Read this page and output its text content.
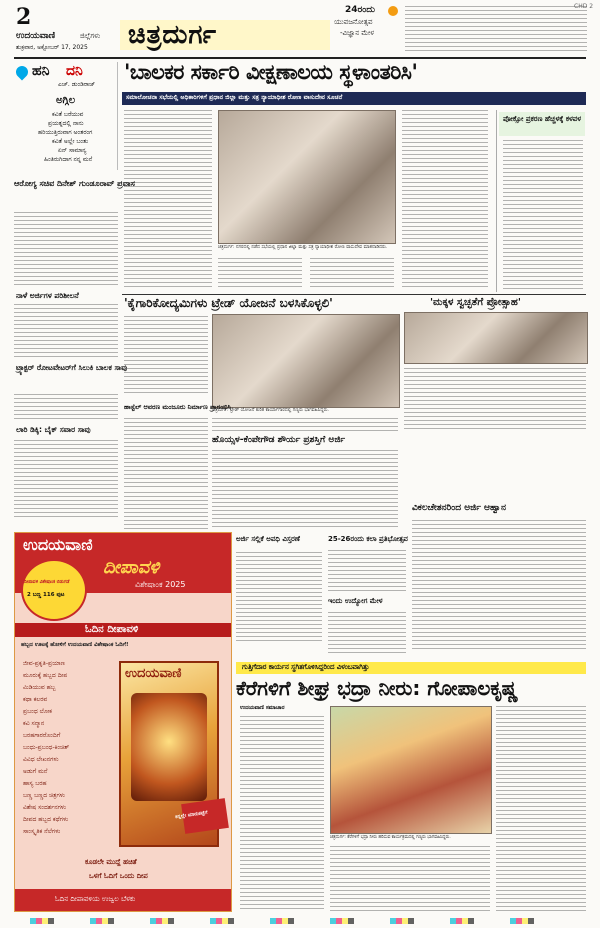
2
ಉದಯವಾಣಿ	ಜಿಲ್ಲೆಗಳು
ಶುಕ್ರವಾರ, ಅಕ್ಟೋಬರ್ 17, 2025 ಚಿತ್ರದುರ್ಗ
CHD 2
24ರಂದು
ಯುವಜನೋತ್ಸವ
-ವಿಜ್ಞಾನ ಮೇಳ
ಹನಿ ದನಿ
ಎಚ್. ಡುಂಡಿರಾಜ್
ಅಗ್ಗಿಲ
ಕವಿತೆ ಬರೆಯುವ
ಪ್ರಯತ್ನದಲ್ಲಿ ನಾನು
ಹರಿಯುತ್ತಿರುವಾಗ ಅಂತರಂಗ
ಕವಿತೆ ಅಲ್ಲೇ ಬಂತು
ಏನ್ ಸಾಮಾನ್ಯ
ಹಿಂತಿರುಗಿದಾಗ ನನ್ನ ಮನೆ
'ಬಾಲಕರ ಸರ್ಕಾರಿ ವೀಕ್ಷಣಾಲಯ ಸ್ಥಳಾಂತರಿಸಿ'
ಸಮಾಲೋಚನಾ ಸಭೆಯಲ್ಲಿ ಅಧಿಕಾರಿಗಳಿಗೆ ಪ್ರಧಾನ ಜಿಲ್ಲಾ ಮತ್ತು ಸತ್ರ ನ್ಯಾಯಾಧೀಶ ರೋಣ ವಾಸುದೇವ ಸೂಚನೆ
ಚಿತ್ರದುರ್ಗ: ನಗರದಲ್ಲಿ ನಡೆದ ಸಭೆಯಲ್ಲಿ ಪ್ರಧಾನ ಜಿಲ್ಲಾ ಮತ್ತು ಸತ್ರ ನ್ಯಾಯಾಧೀಶ ರೋಣ ವಾಸುದೇವ ಮಾತನಾಡಿದರು.
ಪೋಕ್ಸೋ ಪ್ರಕರಣ ಹೆಚ್ಚಳಕ್ಕೆ ಕಳವಳ
ಆರೋಗ್ಯ ಸಚಿವ ದಿನೇಶ್ ಗುಂಡೂರಾವ್ ಪ್ರವಾಸ
ನಾಳೆ ಅರ್ಜಿಗಳ ಪರಿಶೀಲನೆ
ಟ್ರ್ಯಾಕ್ಟರ್ ರೋಟವೇಟರ್‌ಗೆ ಸಿಲುಕಿ ಬಾಲಕ ಸಾವು
ಲಾರಿ ಡಿಕ್ಕಿ: ಬೈಕ್ ಸವಾರ ಸಾವು
'ಕೈಗಾರಿಕೋದ್ಯಮಿಗಳು ಟ್ರೇಡ್ ಯೋಜನೆ ಬಳಸಿಕೊಳ್ಳಲಿ'	'ಮಕ್ಕಳ ಸ್ವಚ್ಛತೆಗೆ ಪ್ರೋತ್ಸಾಹ'
ಚಿತ್ರದುರ್ಗ: ಟ್ರೇಡ್ ಯೋಜನೆ ಕುರಿತ ಕಾರ್ಯಾಗಾರದಲ್ಲಿ ಗಣ್ಯರು ಭಾಗವಹಿಸಿದ್ದರು.
ಹಾಸ್ಟೆಲ್ ಆವರಣ ಮಂಜೂರು ನಿರ್ಮಾಣ ಪ್ರಾರಂಭಿಸಿ
ಹೊಯ್ಸಳ-ಕೆಂಪೇಗೌಡ ಶೌರ್ಯ ಪ್ರಶಸ್ತಿಗೆ ಅರ್ಜಿ
ವಿಕಲಚೇತನರಿಂದ ಅರ್ಜಿ ಆಹ್ವಾನ
ಅರ್ಜಿ ಸಲ್ಲಿಕೆ ಅವಧಿ ವಿಸ್ತರಣೆ	25-26ರಂದು ಕಲಾ ಪ್ರತಿಭೋತ್ಸವ
ಇಂದು ಉದ್ಯೋಗ ಮೇಳ
ಉದಯವಾಣಿ
ದೀಪಾವಳಿ
ವಿಶೇಷಾಂಕ 2025
ದೀಪಾವಳಿ ವಿಶೇಷಾಂಕ ಬಿಡುಗಡೆ
2 ಬಣ್ಣ 116 ಪುಟ
ಓದಿನ ದೀಪಾವಳಿ
ಹಬ್ಬದ ಊಟಕ್ಕೆ ಹೋಳಿಗೆ ಉದಯವಾಣಿ ವಿಶೇಷಾಂಕ ಓದಿಗೆ!
ಜೀವ-ಪ್ರಕೃತಿ-ಪ್ರಯಾಣ
ಮೂರುಕ್ಕೆ ಹಬ್ಬದ ದೀಪ
ಮಿಡಿಯುವ ಹಬ್ಬ
ಕಥಾ ಕಲರವ
ಪ್ರಬಂಧ ಲೋಕ
ಕವಿ ಸನ್ಮಾನ
ಬರಹಗಾರರೊಂದಿಗೆ
ಬಂಧು-ಪ್ರಬಂಧ-ಕಿಂಚಿತ್
ವಿವಿಧ ಲೇಖನಗಳು
ಅಡುಗೆ ಮನೆ
ಹಾಸ್ಯ ಬರಹ
ಬಣ್ಣ ಬಣ್ಣದ ಚಿತ್ರಗಳು
ವಿಶೇಷ ಸಂದರ್ಶನಗಳು
ದೀಪದ ಹಬ್ಬದ ಕಥೆಗಳು
ಸಾಂಸ್ಕೃತಿಕ ನೆಲೆಗಳು
ಉದಯವಾಣಿ
ಕಿನ್ನಲ್ಲೇ ಮಾರುಕಟ್ಟೆಗೆ
ಕೂಡಲೇ ಮುದ್ದೆ ಹಚಿತೆ
ಒಳಗೆ ಓದಿಗೆ ಒಂದು ದೀಪ
ಓದಿನ ದೀಪಾವಳಿಯ ಉಜ್ವಲ ಬೆಳಕು
ಗುತ್ತಿಗೆದಾರ ಕಾರ್ಯನ ಸ್ಥಗಿತಗೊಳಿಸಿದ್ದರಿಂದ ವಿಳಂಬವಾಗಿತ್ತು
ಕೆರೆಗಳಿಗೆ ಶೀಘ್ರ ಭದ್ರಾ ನೀರು: ಗೋಪಾಲಕೃಷ್ಣ
ಉದಯವಾಣಿ ಸಮಾಚಾರ
ಚಿತ್ರದುರ್ಗ: ಕೆರೆಗಳಿಗೆ ಭದ್ರಾ ನೀರು ಹರಿಸುವ ಕಾರ್ಯಕ್ರಮದಲ್ಲಿ ಗಣ್ಯರು ಭಾಗವಹಿಸಿದ್ದರು.
